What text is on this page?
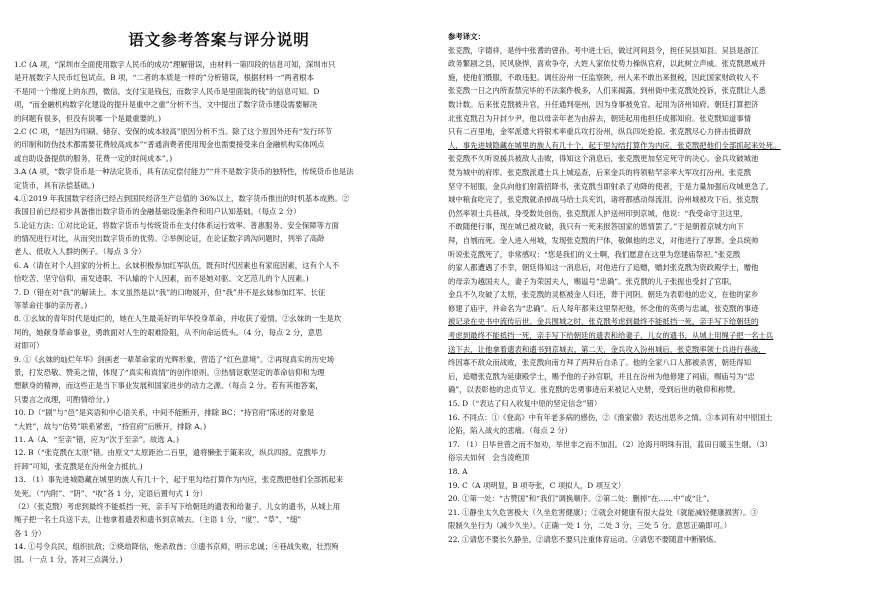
语文参考答案与评分说明
1.C (A 项，“深圳市全面使用数字人民币的成功”理解错误，由材料一第四段的信息可知，深圳市只
是开展数字人民币红包试点。B 项，“二者的本质是一样的”分析错误，根据材料一“两者根本
不是同一个维度上的东西，微信、支付宝是钱包，而数字人民币是里面装的钱”的信息可知。D
项，“而金融机构数字化建设的提升是重中之重”分析不当，文中提出了数字货币建设需要解决
的问题有很多，但没有说哪一个是最重要的。)
2.C (C 项，“是因为印刷、储存、安保的成本较高”原因分析不当。除了这个原因外还有“发行环节
的印制和防伪技术都需要花费较高成本”“普通消费者使用现金也需要接受来自金融机构实体网点
或自助设备提供的服务，花费一定的时间成本”。)
3.A (A 项，“数字货币是一种法定货币，具有法定偿付能力”“并不是数字货币的独特性，传统货币也是法
定货币，具有法偿基础。)
4.①2019 年我国数字经济已经占到国民经济生产总值的 36%以上，数字货币推出的时机基本成熟。②
我国目前已经初步具备推出数字货币的金融基础设施条件和用户认知基础。（每点 2 分）
5.论证方法：①对比论证，将数字货币与传统货币在支付体系运行效率、普惠服务、安全保障等方面
的情况进行对比，从而突出数字货币的优势。②举例论证，在论证数字鸿沟问题时，列举了高龄
老人、低收入人群的例子。（每点 3 分）
6. A（请在对个人回家的分析上。幺妹积极参加红军队伍，既有时代因素也有家庭因素，这有个人不
恰吃苦、坚守信仰、甫发迹职、不认输的个人因素，而不是她对驱、文艺范儿的个人因素。)
7. D（错在对“我”的解读上。本文虽然是以“我”的口吻展开，但“我”并不是幺妹参加红军、长征
等革命往事的亲历者。)
8. ①幺妹的青年时代是灿烂的，她在人生最美好的年华投身革命，并收获了爱情。②幺妹的一生是坎
坷的，她献身革命事业，勇敢面对人生的艰难险阻，从不向命运低头。（4 分，每点 2 分，意思
对即可）
9. ①《幺妹的灿烂年华》剑画老一辈革命家的光辉形象，营造了“红色意境”。②再现真实的历史场
景，打发恐敬、赞美之情，体现了“真实和真情”的创作原则。③热情讴歌坚定的革命信仰和为理
想献身的精神，而这些正是当下事业发展和国家进步的动力之源。（每点 2 分。若有其他答案，
只要言之成理，可酌情给分。)
10. D（“剧”与“邑”是宾语和中心语关系，中间不能断开，排除 BC；“持官府”陈述的对象是
“大姓”，故与“估势”联系紧密，“持官府”后断开，排除 A。)
11. A（A．“至亲”错，应为“次于至亲”。故选 A。)
12. B（“张克戬在太原”错。由原文“太原距治二百里，遗将懒张于策来攻，纵兵四掠。克戬毕力
扞卸”可知，张克戬是在汾州金力抵抗。)
13. （1）事先进城隐藏在城里的族人有几十个，起于里勾结打算作为内应，张克戬把他们全部抓起来
处死。（“内附”、“阴”、“收”各 1 分，定语后置句式 1 分）
（2）（张克戬）考虑到最终不能抵挡一死，亲手写下给朝廷的遗表和给妻子、儿女的遗书，从城上用
绳子把一名士兵送下去，让他拿着遗表和遗书到京城去。（主语 1 分，“度”、“草”、“缒”
各 1 分）
14. ①号令兵民，组织抗敌；②烧劫降信，炮杀敌酋；③遗书京师，明示忠诚；④巷战失败，壮烈殉
国。（一点 1 分，答对三点满分。)
参考译文：
张克戬，字德祥，是侍中张耆的曾孙。考中进士后，做过河间县令，担任吴县知县。吴县是浙江
政务繁剧之县，民风骁悍，喜欢争夺，大姓人家依仗势力操纵官府，以此树立声威。张克戬恩威并
施，使他们慑服，不敢违犯。调任汾州一任监察陕，州人来不敢出来报税，因此国家财政收入不
张克戬一日之内所查禁完毕的不法案件极多，人们来揭露，到州衙中张克戬处投诉，张克戬让人悉
数计数。后来张克戬被升官，升任通判亳州，因为身事被免官。起用为济州知府。朝廷打算把济
北张克戬召为开封少尹，他以母亲年老为由辞去，朝廷起用他担任成都知府。张克戬知道事情
只有二百里地，金军派遣大将银术率重兵攻打汾州，纵兵四处抢掠。张克戬尽心力拼击抵御敌
人，事先进城隐藏在城里的族人有几十个，起于里勾结打算作为内应，张克戬把他们全部抓起来处死。
张克戬不久听说援兵被敌人击败，得知这个消息后，张克戬更加坚定死守的决心。金兵攻破城池
焚为城中的府库。张克戬派遣士兵上城巡查，后来金兵的将领粘罕亲率大军攻打汾州。张克戬
坚守不屈服，金兵向他们射箭招降书，张克戬当即射杀了劝降的使者，于是力量加强后攻城更急了。
城中粮食吃完了，张克戬就杀掉战马给士兵充饥，诸将都感动得流泪。汾州城被攻下后，张克戬
仍然率领士兵巷战，身受数处创伤，张克戬派人护送州印到京城，他说：“我受命守卫这里，
不敢随便行事，现在城已被攻破，我只有一死来报答国家的恩情罢了。”于是朝着京城方向下
拜，自刎而死。金人进入州城，发现张克戬的尸体，敬佩他的忠义，对他进行了厚葬。金兵统帅
听说张克戬死了，非常感叹：“您是我们的义士啊，我们愿意在这里为您建庙祭祀。”张克戬
的家人都遭遇了不幸，朝廷得知这一消息后，对他进行了追赠，赠封张克戬为资政殿学士，赠他
的母亲为越国夫人，妻子为荣国夫人，赐谥号“忠确”。张克戬的儿子张振也受封了官职，
金兵不久攻破了太原，张克戬的灵柩被金人归还，葬于河阴。朝廷为表彰他的忠义，在他的家乡
修建了庙宇，并命名为“忠确”。后人每年都来这里祭祀他，怀念他的英勇与忠诚，张克戬的事迹
被记录在史书中流传后世。金兵围城之时，张克戬考虑到最终不能抵挡一死，亲手写下给朝廷的
考虑到最终不能抵挡一死，亲手写下给朝廷的遗表和给妻子、儿女的遗书，从城上用绳子把一名士兵
送下去，让他拿着遗表和遗书到京城去。第二天，金兵攻入汾州城后，张克戬率领士兵进行巷战，
终因寡不敌众而战败，张克戬向南方拜了两拜后自杀了。他的全家八口人都被杀害，朝廷得知
后，追赠张克戬为延康殿学士，赐予他的子孙官职，并且在汾州为他修建了祠庙，赐庙号为“忠
确”，以表彰他的忠贞节义。张克戬的忠勇事迹后来被记入史册，受到后世的敬仰和称赞。
15. D（“表达了归入收复中原的坚定信念”错）
16. 不同点：①《登高》中有年老多病的感伤，②《渔家傲》表达出思乡之情。③本词有对中原国土
沦陷，陷入战火的悲痛。（每点 2 分）
17. （1）日毕世曾之而不加劝，举世非之而不加沮。（2）沧海月明珠有泪，蓝田日暖玉生烟。（3）
俗宗夫如何　会当凌绝顶
18. A
19. C（A 项明显，B 项夸张，C 项拟人，D 项互文）
20. ①第一处：“古赞国”和“我们”调换顺序。②第二处：删掉“在……中”或“让”。
21. ①静坐太久危害极大（久坐危害健康）；②就会对健康有很大益处（就能减轻健康损害）。③
限制久坐行为（减少久坐）。（正确一处 1 分，二处 3 分，三处 5 分。意思正确即可。）
22. ①请您不要长久静坐。②请您不要只注重体育运动。③请您不要随意中断锻炼。
